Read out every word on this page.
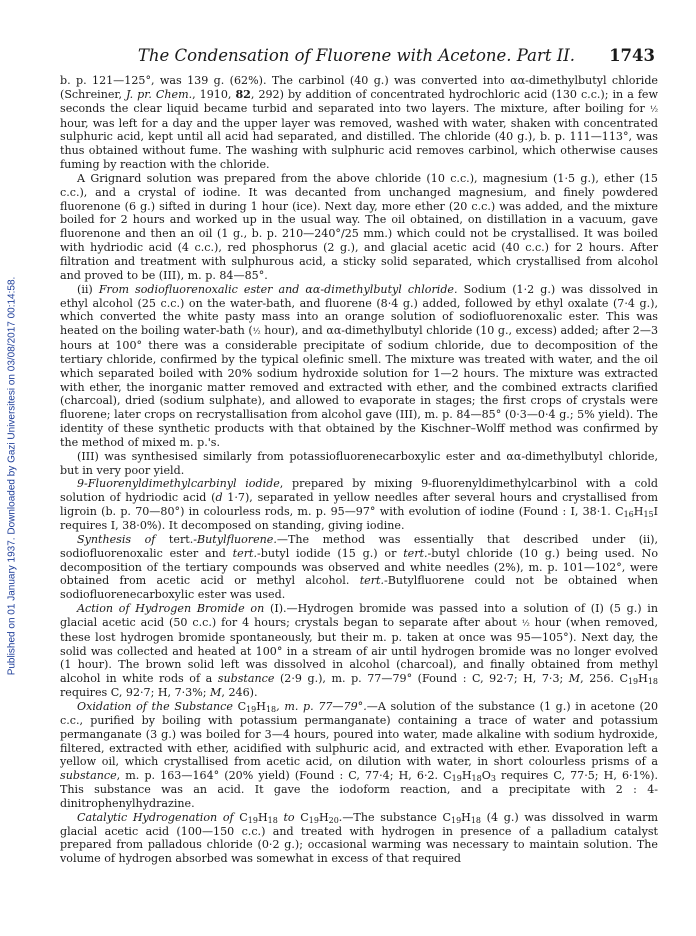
The Condensation of Fluorene with Acetone. Part II. 1743
Published on 01 January 1937. Downloaded by Gazi Universitesi on 03/08/2017 00:14:58.

b. p. 121—125°, was 139 g. (62%). The carbinol (40 g.) was converted into αα-dimethylbutyl chloride (Schreiner, J. pr. Chem., 1910, 82, 292) by addition of concentrated hydrochloric acid (130 c.c.); in a few seconds the clear liquid became turbid and separated into two layers. The mixture, after boiling for ½ hour, was left for a day and the upper layer was removed, washed with water, shaken with concentrated sulphuric acid, kept until all acid had separated, and distilled. The chloride (40 g.), b. p. 111—113°, was thus obtained without fume. The washing with sulphuric acid removes carbinol, which otherwise causes fuming by reaction with the chloride.

A Grignard solution was prepared from the above chloride (10 c.c.), magnesium (1·5 g.), ether (15 c.c.), and a crystal of iodine. It was decanted from unchanged magnesium, and finely powdered fluorenone (6 g.) sifted in during 1 hour (ice). Next day, more ether (20 c.c.) was added, and the mixture boiled for 2 hours and worked up in the usual way. The oil obtained, on distillation in a vacuum, gave fluorenone and then an oil (1 g., b. p. 210—240°/25 mm.) which could not be crystallised. It was boiled with hydriodic acid (4 c.c.), red phosphorus (2 g.), and glacial acetic acid (40 c.c.) for 2 hours. After filtration and treatment with sulphurous acid, a sticky solid separated, which crystallised from alcohol and proved to be (III), m. p. 84—85°.

(ii) From sodiofluorenoxalic ester and αα-dimethylbutyl chloride. Sodium (1·2 g.) was dissolved in ethyl alcohol (25 c.c.) on the water-bath, and fluorene (8·4 g.) added, followed by ethyl oxalate (7·4 g.), which converted the white pasty mass into an orange solution of sodiofluorenoxalic ester. This was heated on the boiling water-bath (½ hour), and αα-dimethylbutyl chloride (10 g., excess) added; after 2—3 hours at 100° there was a considerable precipitate of sodium chloride, due to decomposition of the tertiary chloride, confirmed by the typical olefinic smell. The mixture was treated with water, and the oil which separated boiled with 20% sodium hydroxide solution for 1—2 hours. The mixture was extracted with ether, the inorganic matter removed and extracted with ether, and the combined extracts clarified (charcoal), dried (sodium sulphate), and allowed to evaporate in stages; the first crops of crystals were fluorene; later crops on recrystallisation from alcohol gave (III), m. p. 84—85° (0·3—0·4 g.; 5% yield). The identity of these synthetic products with that obtained by the Kischner–Wolff method was confirmed by the method of mixed m. p.'s.

(III) was synthesised similarly from potassiofluorenecarboxylic ester and αα-dimethylbutyl chloride, but in very poor yield.

9-Fluorenyldimethylcarbinyl iodide, prepared by mixing 9-fluorenyldimethylcarbinol with a cold solution of hydriodic acid (d 1·7), separated in yellow needles after several hours and crystallised from ligroin (b. p. 70—80°) in colourless rods, m. p. 95—97° with evolution of iodine (Found : I, 38·1. $C_{16}H_{15}I$ requires I, 38·0%). It decomposed on standing, giving iodine.

Synthesis of tert.-Butylfluorene.—The method was essentially that described under (ii), sodiofluorenoxalic ester and tert.-butyl iodide (15 g.) or tert.-butyl chloride (10 g.) being used. No decomposition of the tertiary compounds was observed and white needles (2%), m. p. 101—102°, were obtained from acetic acid or methyl alcohol. tert.-Butylfluorene could not be obtained when sodiofluorenecarboxylic ester was used.

Action of Hydrogen Bromide on (I).—Hydrogen bromide was passed into a solution of (I) (5 g.) in glacial acetic acid (50 c.c.) for 4 hours; crystals began to separate after about ½ hour (when removed, these lost hydrogen bromide spontaneously, but their m. p. taken at once was 95—105°). Next day, the solid was collected and heated at 100° in a stream of air until hydrogen bromide was no longer evolved (1 hour). The brown solid left was dissolved in alcohol (charcoal), and finally obtained from methyl alcohol in white rods of a substance (2·9 g.), m. p. 77—79° (Found : C, 92·7; H, 7·3; M, 256. $C_{19}H_{18}$ requires C, 92·7; H, 7·3%; M, 246).

Oxidation of the Substance $C_{19}H_{18}$, m. p. 77—79°.—A solution of the substance (1 g.) in acetone (20 c.c., purified by boiling with potassium permanganate) containing a trace of water and potassium permanganate (3 g.) was boiled for 3—4 hours, poured into water, made alkaline with sodium hydroxide, filtered, extracted with ether, acidified with sulphuric acid, and extracted with ether. Evaporation left a yellow oil, which crystallised from acetic acid, on dilution with water, in short colourless prisms of a substance, m. p. 163—164° (20% yield) (Found : C, 77·4; H, 6·2. $C_{19}H_{18}O_3$ requires C, 77·5; H, 6·1%). This substance was an acid. It gave the iodoform reaction, and a precipitate with 2 : 4-dinitrophenylhydrazine.

Catalytic Hydrogenation of $C_{19}H_{18}$ to $C_{19}H_{20}.—The$ substance $C_{19}H_{18}$ (4 g.) was dissolved in warm glacial acetic acid (100—150 c.c.) and treated with hydrogen in presence of a palladium catalyst prepared from palladous chloride (0·2 g.); occasional warming was necessary to maintain solution. The volume of hydrogen absorbed was somewhat in excess of that required
